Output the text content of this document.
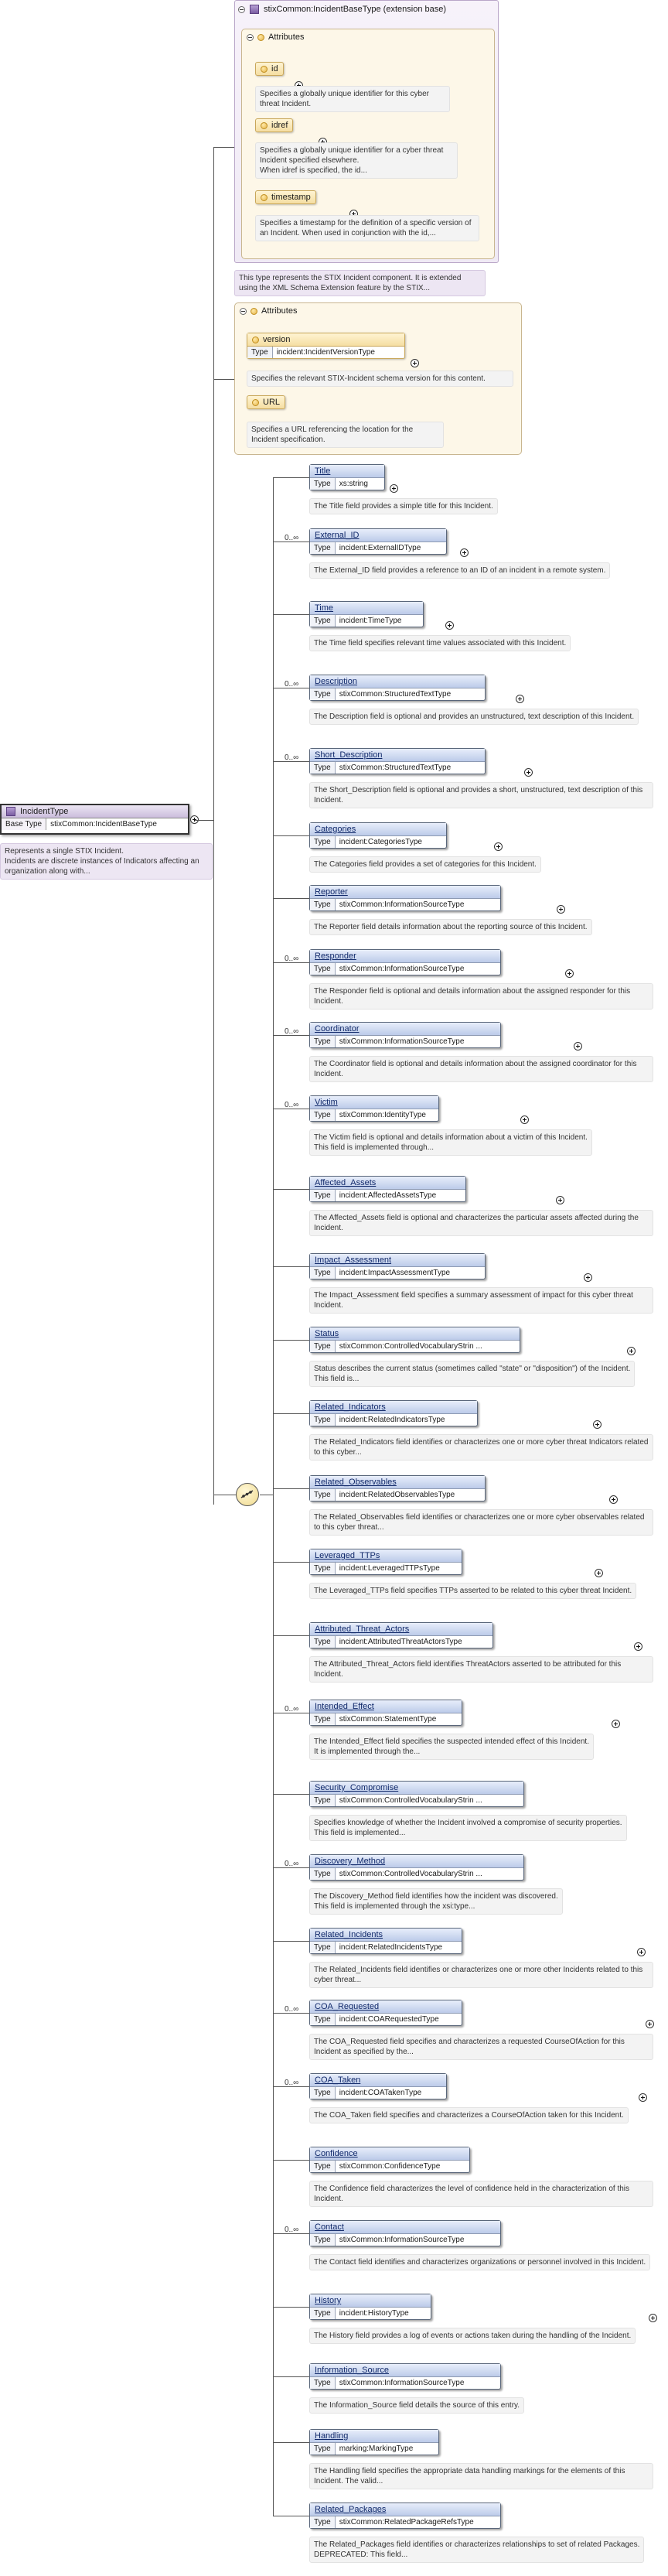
stixCommon:IncidentBaseType (extension base)
Attributes
id

Specifies a globally unique identifier for this cyber threat Incident.
idref

Specifies a globally unique identifier for a cyber threat Incident specified elsewhere.
When idref is specified, the id...
timestamp
Specifies a timestamp for the definition of a specific version of an Incident. When used in conjunction with the id,...
This type represents the STIX Incident component. It is extended using the XML Schema Extension feature by the STIX...
Attributes
version
Type	incident:IncidentVersionType
Specifies the relevant STIX-Incident schema version for this content.
URL
Specifies a URL referencing the location for the Incident specification.
IncidentType
Base Type	stixCommon:IncidentBaseType
Represents a single STIX Incident.
Incidents are discrete instances of Indicators affecting an organization along with...
Title
Type	xs:string
The Title field provides a simple title for this Incident.
0..∞	External_ID
Type	incident:ExternalIDType
The External_ID field provides a reference to an ID of an incident in a remote system.
Time
Type	incident:TimeType
The Time field specifies relevant time values associated with this Incident.
0..∞	Description
Type	stixCommon:StructuredTextType
The Description field is optional and provides an unstructured, text description of this Incident.
0..∞	Short_Description
Type	stixCommon:StructuredTextType
The Short_Description field is optional and provides a short, unstructured, text description of this Incident.
Categories
Type	incident:CategoriesType
The Categories field provides a set of categories for this Incident.
Reporter
Type	stixCommon:InformationSourceType
The Reporter field details information about the reporting source of this Incident.
0..∞	Responder
Type	stixCommon:InformationSourceType
The Responder field is optional and details information about the assigned responder for this Incident.
0..∞	Coordinator
Type	stixCommon:InformationSourceType
The Coordinator field is optional and details information about the assigned coordinator for this Incident.
0..∞	Victim
Type	stixCommon:IdentityType
The Victim field is optional and details information about a victim of this Incident.
This field is implemented through...
Affected_Assets
Type	incident:AffectedAssetsType
The Affected_Assets field is optional and characterizes the particular assets affected during the Incident.
Impact_Assessment
Type	incident:ImpactAssessmentType
The Impact_Assessment field specifies a summary assessment of impact for this cyber threat Incident.
Status
Type	stixCommon:ControlledVocabularyStrin ...
Status describes the current status (sometimes called "state" or "disposition") of the Incident.
This field is...
Related_Indicators
Type	incident:RelatedIndicatorsType
The Related_Indicators field identifies or characterizes one or more cyber threat Indicators related to this cyber...
Related_Observables
Type	incident:RelatedObservablesType
The Related_Observables field identifies or characterizes one or more cyber observables related to this cyber threat...
Leveraged_TTPs
Type	incident:LeveragedTTPsType
The Leveraged_TTPs field specifies TTPs asserted to be related to this cyber threat Incident.
Attributed_Threat_Actors
Type	incident:AttributedThreatActorsType
The Attributed_Threat_Actors field identifies ThreatActors asserted to be attributed for this Incident.
0..∞	Intended_Effect
Type	stixCommon:StatementType
The Intended_Effect field specifies the suspected intended effect of this Incident.
It is implemented through the...
Security_Compromise
Type	stixCommon:ControlledVocabularyStrin ...
Specifies knowledge of whether the Incident involved a compromise of security properties.
This field is implemented...
0..∞	Discovery_Method
Type	stixCommon:ControlledVocabularyStrin ...
The Discovery_Method field identifies how the incident was discovered.
This field is implemented through the xsi:type...
Related_Incidents
Type	incident:RelatedIncidentsType
The Related_Incidents field identifies or characterizes one or more other Incidents related to this cyber threat...
0..∞	COA_Requested
Type	incident:COARequestedType
The COA_Requested field specifies and characterizes a requested CourseOfAction for this Incident as specified by the...
0..∞	COA_Taken
Type	incident:COATakenType
The COA_Taken field specifies and characterizes a CourseOfAction taken for this Incident.
Confidence
Type	stixCommon:ConfidenceType
The Confidence field characterizes the level of confidence held in the characterization of this Incident.
0..∞	Contact
Type	stixCommon:InformationSourceType
The Contact field identifies and characterizes organizations or personnel involved in this Incident.
History
Type	incident:HistoryType
The History field provides a log of events or actions taken during the handling of the Incident.
Information_Source
Type	stixCommon:InformationSourceType
The Information_Source field details the source of this entry.
Handling
Type	marking:MarkingType
The Handling field specifies the appropriate data handling markings for the elements of this Incident. The valid...
Related_Packages
Type	stixCommon:RelatedPackageRefsType
The Related_Packages field identifies or characterizes relationships to set of related Packages.
DEPRECATED: This field...
